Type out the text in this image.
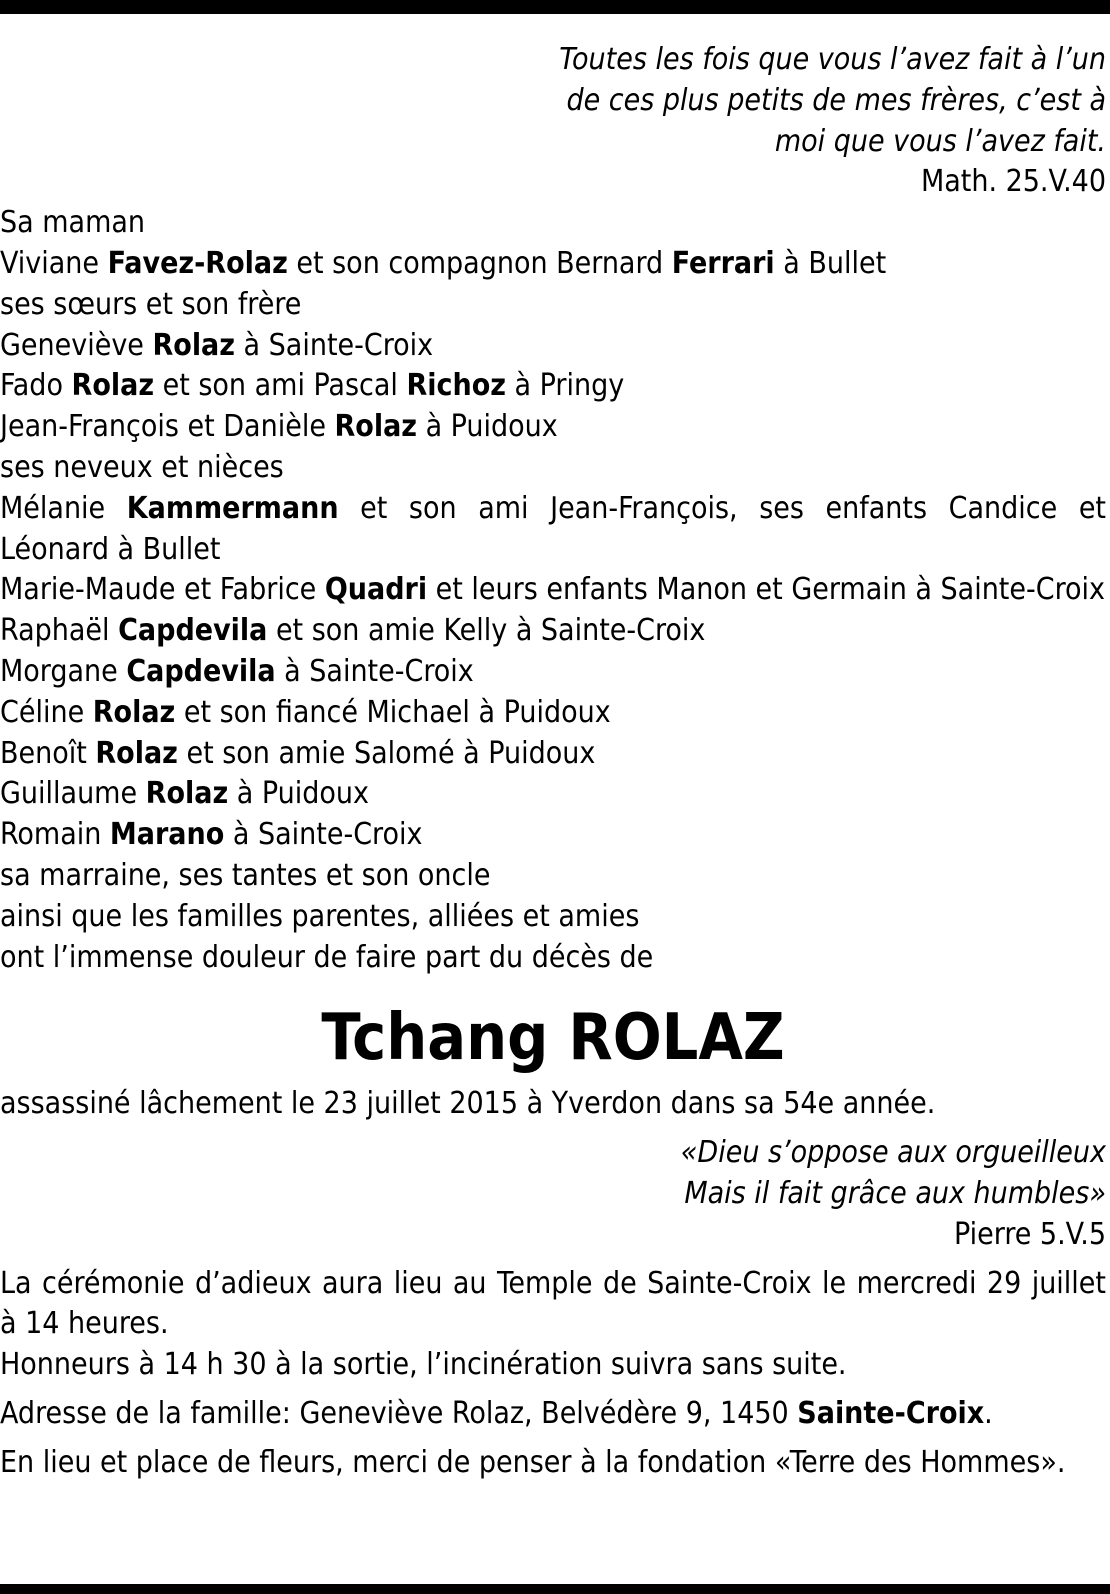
Toutes les fois que vous l’avez fait à l’un
de ces plus petits de mes frères, c’est à
moi que vous l’avez fait.
Math. 25.V.40
Sa maman
Viviane Favez-Rolaz et son compagnon Bernard Ferrari à Bullet
ses sœurs et son frère
Geneviève Rolaz à Sainte-Croix
Fado Rolaz et son ami Pascal Richoz à Pringy
Jean-François et Danièle Rolaz à Puidoux
ses neveux et nièces
Mélanie Kammermann et son ami Jean-François, ses enfants Candice et Léonard à Bullet
Marie-Maude et Fabrice Quadri et leurs enfants Manon et Germain à Sainte-Croix
Raphaël Capdevila et son amie Kelly à Sainte-Croix
Morgane Capdevila à Sainte-Croix
Céline Rolaz et son fiancé Michael à Puidoux
Benoît Rolaz et son amie Salomé à Puidoux
Guillaume Rolaz à Puidoux
Romain Marano à Sainte-Croix
sa marraine, ses tantes et son oncle
ainsi que les familles parentes, alliées et amies
ont l’immense douleur de faire part du décès de
Tchang ROLAZ
assassiné lâchement le 23 juillet 2015 à Yverdon dans sa 54e année.
«Dieu s’oppose aux orgueilleux
Mais il fait grâce aux humbles»
Pierre 5.V.5
La cérémonie d’adieux aura lieu au Temple de Sainte-Croix le mercredi 29 juillet à 14 heures.
Honneurs à 14 h 30 à la sortie, l’incinération suivra sans suite.
Adresse de la famille: Geneviève Rolaz, Belvédère 9, 1450 Sainte-Croix.
En lieu et place de fleurs, merci de penser à la fondation «Terre des Hommes».
